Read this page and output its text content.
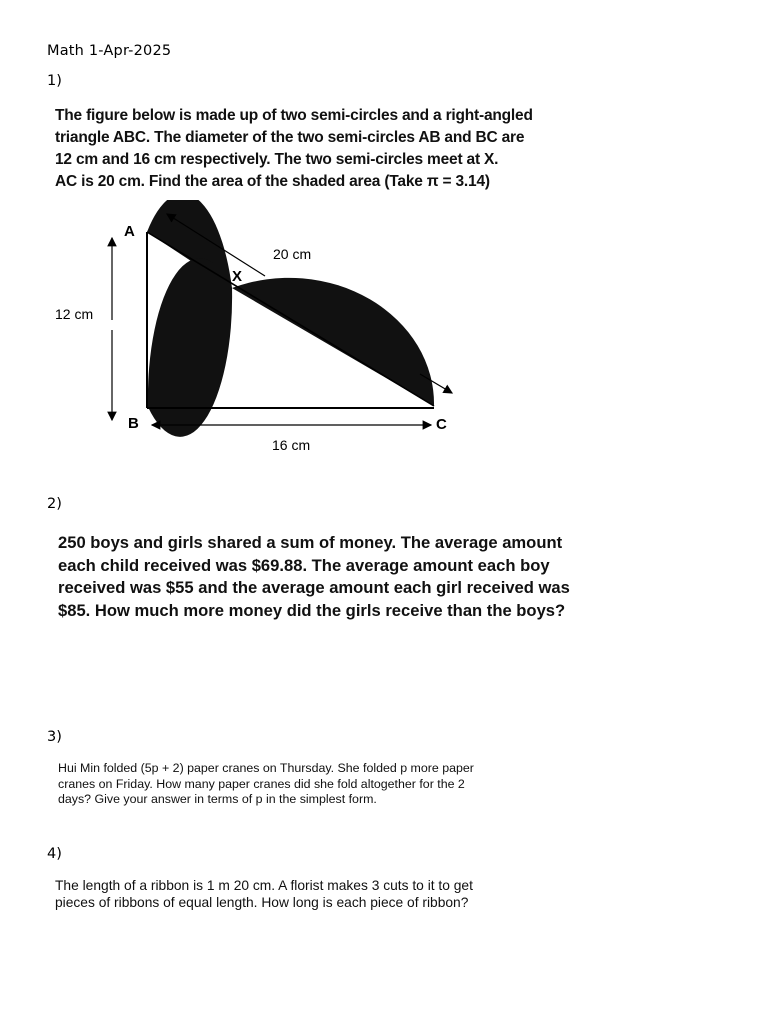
Math 1-Apr-2025
1)
The figure below is made up of two semi-circles and a right-angled
triangle ABC. The diameter of the two semi-circles AB and BC are
12 cm and 16 cm respectively. The two semi-circles meet at X.
AC is 20 cm. Find the area of the shaded area (Take π = 3.14)
A
B	C
X
20 cm
12 cm
16 cm
2)
250 boys and girls shared a sum of money. The average amount
each child received was $69.88. The average amount each boy
received was $55 and the average amount each girl received was
$85. How much more money did the girls receive than the boys?
3)
Hui Min folded (5p + 2) paper cranes on Thursday. She folded p more paper
cranes on Friday. How many paper cranes did she fold altogether for the 2
days? Give your answer in terms of p in the simplest form.
4)
The length of a ribbon is 1 m 20 cm. A florist makes 3 cuts to it to get
pieces of ribbons of equal length. How long is each piece of ribbon?
